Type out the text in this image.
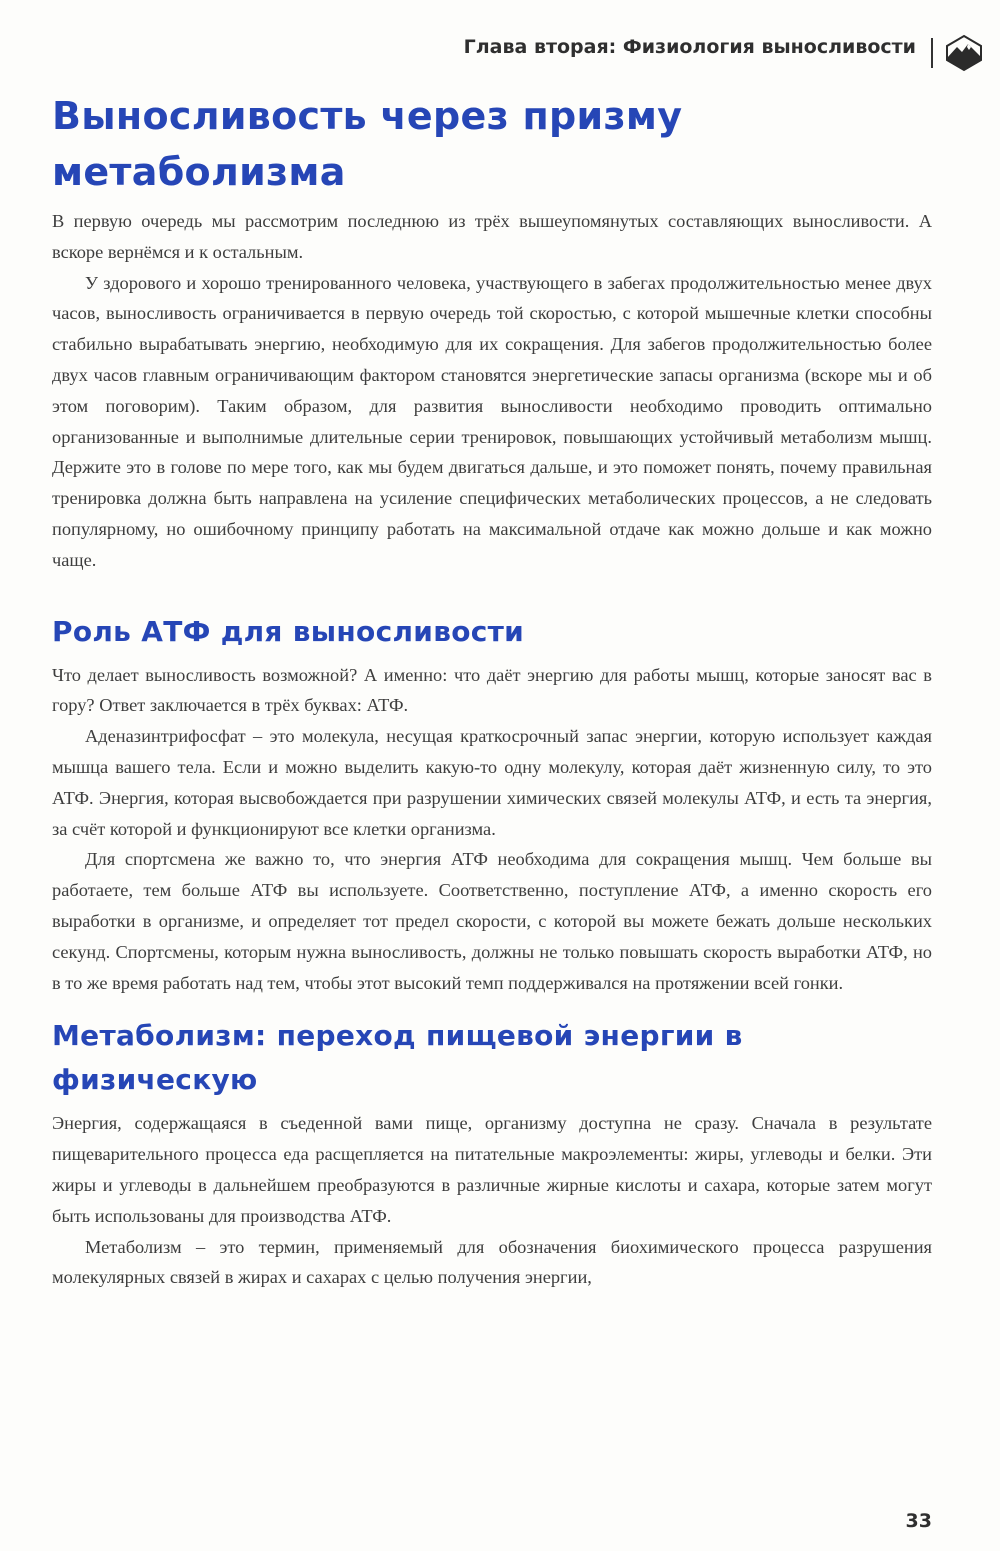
Глава вторая: Физиология выносливости
Выносливость через призму метаболизма

В первую очередь мы рассмотрим последнюю из трёх вышеупомянутых составляющих выносливости. А вскоре вернёмся и к остальным.

У здорового и хорошо тренированного человека, участвующего в забегах продолжительностью менее двух часов, выносливость ограничивается в первую очередь той скоростью, с которой мышечные клетки способны стабильно вырабатывать энергию, необходимую для их сокращения. Для забегов продолжительностью более двух часов главным ограничивающим фактором становятся энергетические запасы организма (вскоре мы и об этом поговорим). Таким образом, для развития выносливости необходимо проводить оптимально организованные и выполнимые длительные серии тренировок, повышающих устойчивый метаболизм мышц. Держите это в голове по мере того, как мы будем двигаться дальше, и это поможет понять, почему правильная тренировка должна быть направлена на усиление специфических метаболических процессов, а не следовать популярному, но ошибочному принципу работать на максимальной отдаче как можно дольше и как можно чаще.

Роль АТФ для выносливости

Что делает выносливость возможной? А именно: что даёт энергию для работы мышц, которые заносят вас в гору? Ответ заключается в трёх буквах: АТФ.

Аденазинтрифосфат – это молекула, несущая краткосрочный запас энергии, которую использует каждая мышца вашего тела. Если и можно выделить какую-то одну молекулу, которая даёт жизненную силу, то это АТФ. Энергия, которая высвобождается при разрушении химических связей молекулы АТФ, и есть та энергия, за счёт которой и функционируют все клетки организма.

Для спортсмена же важно то, что энергия АТФ необходима для сокращения мышц. Чем больше вы работаете, тем больше АТФ вы используете. Соответственно, поступление АТФ, а именно скорость его выработки в организме, и определяет тот предел скорости, с которой вы можете бежать дольше нескольких секунд. Спортсмены, которым нужна выносливость, должны не только повышать скорость выработки АТФ, но в то же время работать над тем, чтобы этот высокий темп поддерживался на протяжении всей гонки.

Метаболизм: переход пищевой энергии в физическую

Энергия, содержащаяся в съеденной вами пище, организму доступна не сразу. Сначала в результате пищеварительного процесса еда расщепляется на питательные макроэлементы: жиры, углеводы и белки. Эти жиры и углеводы в дальнейшем преобразуются в различные жирные кислоты и сахара, которые затем могут быть использованы для производства АТФ.

Метаболизм – это термин, применяемый для обозначения биохимического процесса разрушения молекулярных связей в жирах и сахарах с целью получения энергии,

33
